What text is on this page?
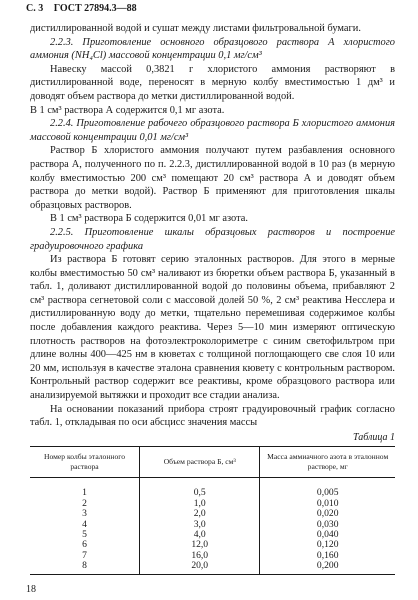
С. 3 ГОСТ 27894.3—88

дистиллированной водой и сушат между листами фильтровальной бумаги.

2.2.3. Приготовление основного образцового раствора А хлористого аммония (NH₄Cl) массовой концентрации 0,1 мг/см³

Навеску массой 0,3821 г хлористого аммония растворяют в дистиллированной воде, переносят в мерную колбу вместимостью 1 дм³ и доводят объем раствора до метки дистиллированной водой.

В 1 см³ раствора А содержится 0,1 мг азота.

2.2.4. Приготовление рабочего образцового раствора Б хлористого аммония массовой концентрации 0,01 мг/см³

Раствор Б хлористого аммония получают путем разбавления основного раствора А, полученного по п. 2.2.3, дистиллированной водой в 10 раз (в мерную колбу вместимостью 200 см³ помещают 20 см³ раствора А и доводят объем раствора до метки водой). Раствор Б применяют для приготовления шкалы образцовых растворов.

В 1 см³ раствора Б содержится 0,01 мг азота.

2.2.5. Приготовление шкалы образцовых растворов и построение градуировочного графика

Из раствора Б готовят серию эталонных растворов. Для этого в мерные колбы вместимостью 50 см³ наливают из бюретки объем раствора Б, указанный в табл. 1, доливают дистиллированной водой до половины объема, прибавляют 2 см³ раствора сегнетовой соли с массовой долей 50 %, 2 см³ реактива Несслера и дистиллированную воду до метки, тщательно перемешивая содержимое колбы после добавления каждого реактива. Через 5—10 мин измеряют оптическую плотность растворов на фотоэлектроколориметре с синим светофильтром при длине волны 400—425 нм в кюветах с толщиной поглощающего све слоя 10 или 20 мм, используя в качестве эталона сравнения кювету с контрольным раствором. Контрольный раствор содержит все реактивы, кроме образцового раствора или анализируемой вытяжки и проходит все стадии анализа.

На основании показаний прибора строят градуировочный график согласно табл. 1, откладывая по оси абсцисс значения массы

Таблица 1
Номер колбы эталонного раствора	Объем раствора Б, см³	Масса аммиачного азота в эталонном растворе, мг
1	0,5	0,005
2	1,0	0,010
3	2,0	0,020
4	3,0	0,030
5	4,0	0,040
6	12,0	0,120
7	16,0	0,160
8	20,0	0,200
18
